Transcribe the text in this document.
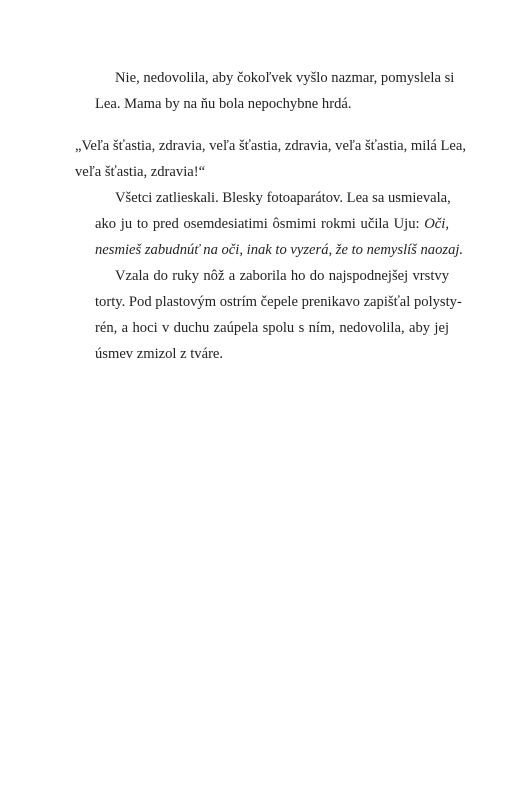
Nie, nedovolila, aby čokoľvek vyšlo nazmar, pomyslela si
Lea. Mama by na ňu bola nepochybne hrdá.
„Veľa šťastia, zdravia, veľa šťastia, zdravia, veľa šťastia, milá Lea,
veľa šťastia, zdravia!“
Všetci zatlieskali. Blesky fotoaparátov. Lea sa usmievala,
ako ju to pred osemdesiatimi ôsmimi rokmi učila Uju: Oči,
nesmieš zabudnúť na oči, inak to vyzerá, že to nemyslíš naozaj.
Vzala do ruky nôž a zaborila ho do najspodnejšej vrstvy
torty. Pod plastovým ostrím čepele prenikavo zapišťal polysty-
rén, a hoci v duchu zaúpela spolu s ním, nedovolila, aby jej
úsmev zmizol z tváre.
